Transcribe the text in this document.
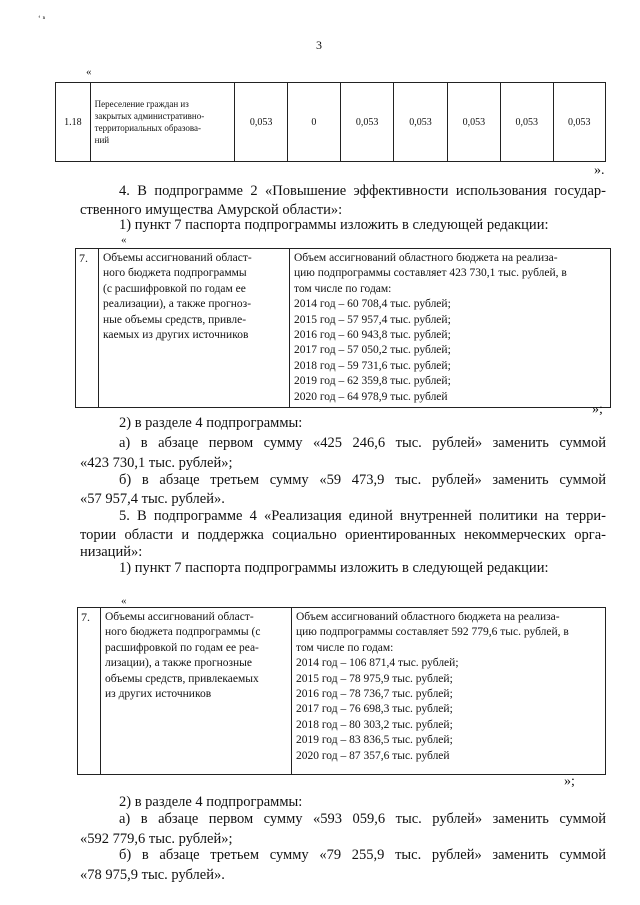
ʻ ⁿ
3
«
1.18	
Переселение граждан из
закрытых административно-
территориальных образова-
ний
	0,053	0	0,053	0,053	0,053	0,053	0,053
».
4. В подпрограмме 2 «Повышение эффективности использования государ-
ственного имущества Амурской области»:
1) пункт 7 паспорта подпрограммы изложить в следующей редакции:
«
7.	Объемы ассигнований област-
ного бюджета подпрограммы
(с расшифровкой по годам ее
реализации), а также прогноз-
ные объемы средств, привле-
каемых из других источников

Объем ассигнований областного бюджета на реализа-
цию подпрограммы составляет 423 730,1 тыс. рублей, в
том числе по годам:
2014 год – 60 708,4 тыс. рублей;
2015 год – 57 957,4 тыс. рублей;
2016 год – 60 943,8 тыс. рублей;
2017 год – 57 050,2 тыс. рублей;
2018 год – 59 731,6 тыс. рублей;
2019 год – 62 359,8 тыс. рублей;
2020 год – 64 978,9 тыс. рублей
»;
2) в разделе 4 подпрограммы:
а) в абзаце первом сумму «425 246,6 тыс. рублей» заменить суммой
«423 730,1 тыс. рублей»;
б) в абзаце третьем сумму «59 473,9 тыс. рублей» заменить суммой
«57 957,4 тыс. рублей».
5. В подпрограмме 4 «Реализация единой внутренней политики на терри-
тории области и поддержка социально ориентированных некоммерческих орга-
низаций»:
1) пункт 7 паспорта подпрограммы изложить в следующей редакции:
«
7.	Объемы ассигнований област-
ного бюджета подпрограммы (с
расшифровкой по годам ее реа-
лизации), а также прогнозные
объемы средств, привлекаемых
из других источников

Объем ассигнований областного бюджета на реализа-
цию подпрограммы составляет 592 779,6 тыс. рублей, в
том числе по годам:
2014 год – 106 871,4 тыс. рублей;
2015 год – 78 975,9 тыс. рублей;
2016 год – 78 736,7 тыс. рублей;
2017 год – 76 698,3 тыс. рублей;
2018 год – 80 303,2 тыс. рублей;
2019 год – 83 836,5 тыс. рублей;
2020 год – 87 357,6 тыс. рублей
»;
2) в разделе 4 подпрограммы:
а) в абзаце первом сумму «593 059,6 тыс. рублей» заменить суммой
«592 779,6 тыс. рублей»;
б) в абзаце третьем сумму «79 255,9 тыс. рублей» заменить суммой
«78 975,9 тыс. рублей».
